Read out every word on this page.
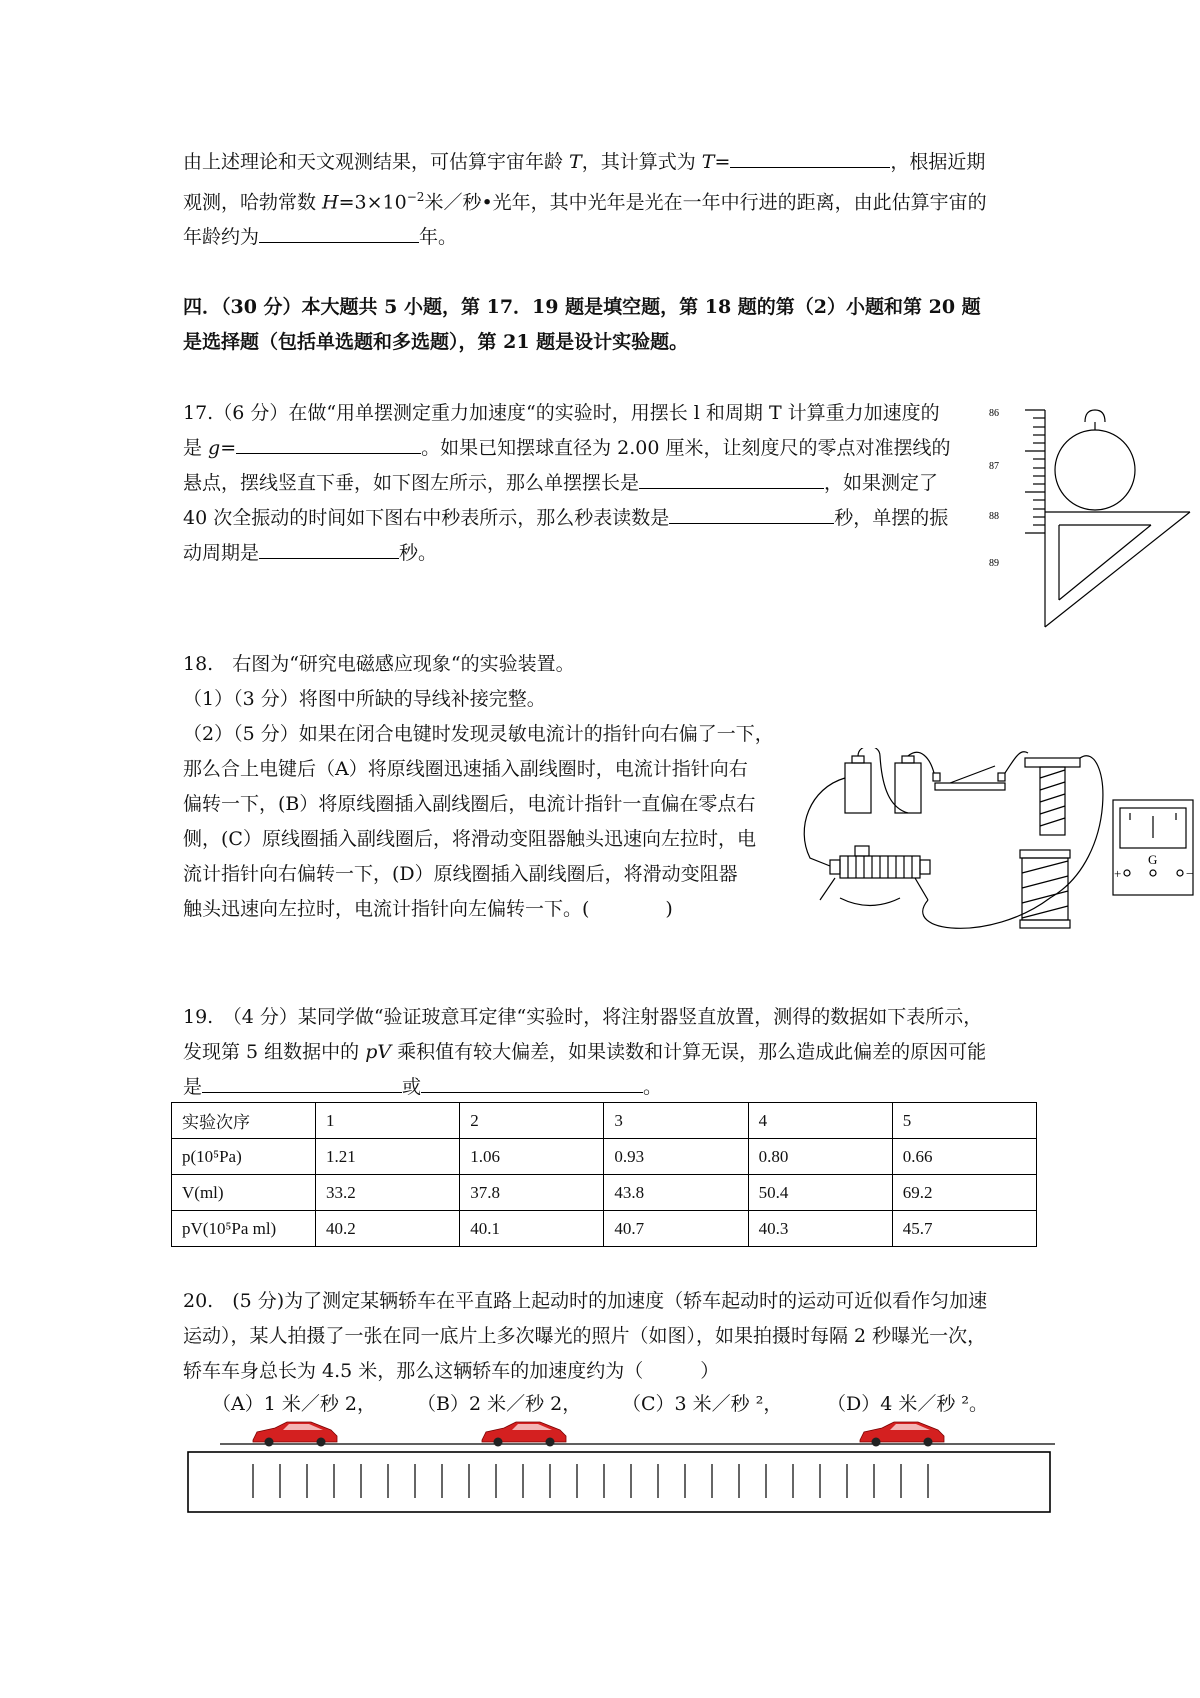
由上述理论和天文观测结果，可估算宇宙年龄 T，其计算式为 T=	，根据近期
观测，哈勃常数 $H=3\times 10^{-2}$米／秒•光年，其中光年是光在一年中行进的距离，由此估算宇宙的
年龄约为	年。
四．（30 分）本大题共 5 小题，第 17．19 题是填空题，第 18 题的第（2）小题和第 20 题
是选择题（包括单选题和多选题），第 21 题是设计实验题。
17.（6 分）在做“用单摆测定重力加速度“的实验时，用摆长 l 和周期 T 计算重力加速度的
是 g=	。如果已知摆球直径为 2.00 厘米，让刻度尺的零点对准摆线的
悬点，摆线竖直下垂，如下图左所示，那么单摆摆长是	，如果测定了
40 次全振动的时间如下图右中秒表所示，那么秒表读数是	秒，单摆的振
动周期是	秒。
86
87
88
89
18.　右图为“研究电磁感应现象“的实验装置。
（1）（3 分）将图中所缺的导线补接完整。
（2）（5 分）如果在闭合电键时发现灵敏电流计的指针向右偏了一下，
那么合上电键后（A）将原线圈迅速插入副线圈时，电流计指针向右
偏转一下，(B）将原线圈插入副线圈后，电流计指针一直偏在零点右
侧，(C）原线圈插入副线圈后，将滑动变阻器触头迅速向左拉时，电
流计指针向右偏转一下，(D）原线圈插入副线圈后，将滑动变阻器
触头迅速向左拉时，电流计指针向左偏转一下。(　　　　)
+
G
−
19.　（4 分）某同学做“验证玻意耳定律“实验时，将注射器竖直放置，测得的数据如下表所示，
发现第 5 组数据中的 pV 乘积值有较大偏差，如果读数和计算无误，那么造成此偏差的原因可能
是	或	。
实验次序	1	2	3	4	5
p(10⁵Pa)	1.21	1.06	0.93	0.80	0.66
V(ml)	33.2	37.8	43.8	50.4	69.2
pV(10⁵Pa ml)	40.2	40.1	40.7	40.3	45.7
20.　(5 分)为了测定某辆轿车在平直路上起动时的加速度（轿车起动时的运动可近似看作匀加速
运动），某人拍摄了一张在同一底片上多次曝光的照片（如图），如果拍摄时每隔 2 秒曝光一次，
轿车车身总长为 4.5 米，那么这辆轿车的加速度约为（　　　）
（A）1 米／秒 2， （B）2 米／秒 2， （C）3 米／秒 ²， （D）4 米／秒 ²。
